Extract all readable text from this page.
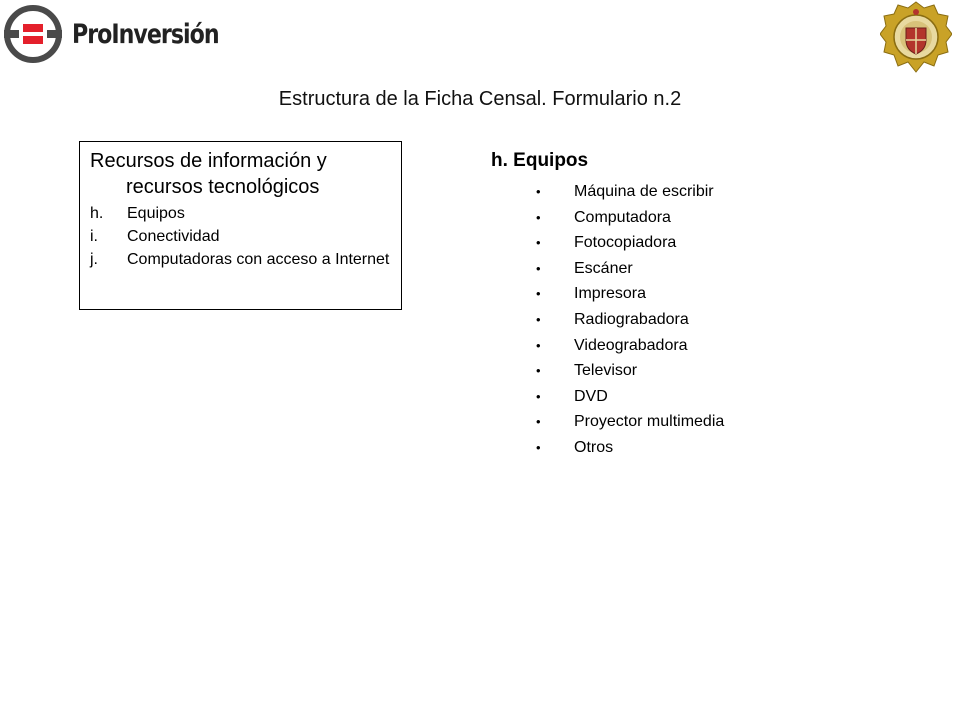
ProInversión
Estructura de la Ficha Censal. Formulario n.2
Recursos de información y
recursos tecnológicos
h.	Equipos
i.	Conectividad
j.	Computadoras con acceso a Internet
h. Equipos
•	Máquina de escribir
•	Computadora
•	Fotocopiadora
•	Escáner
•	Impresora
•	Radiograbadora
•	Videograbadora
•	Televisor
•	DVD
•	Proyector multimedia
•	Otros
